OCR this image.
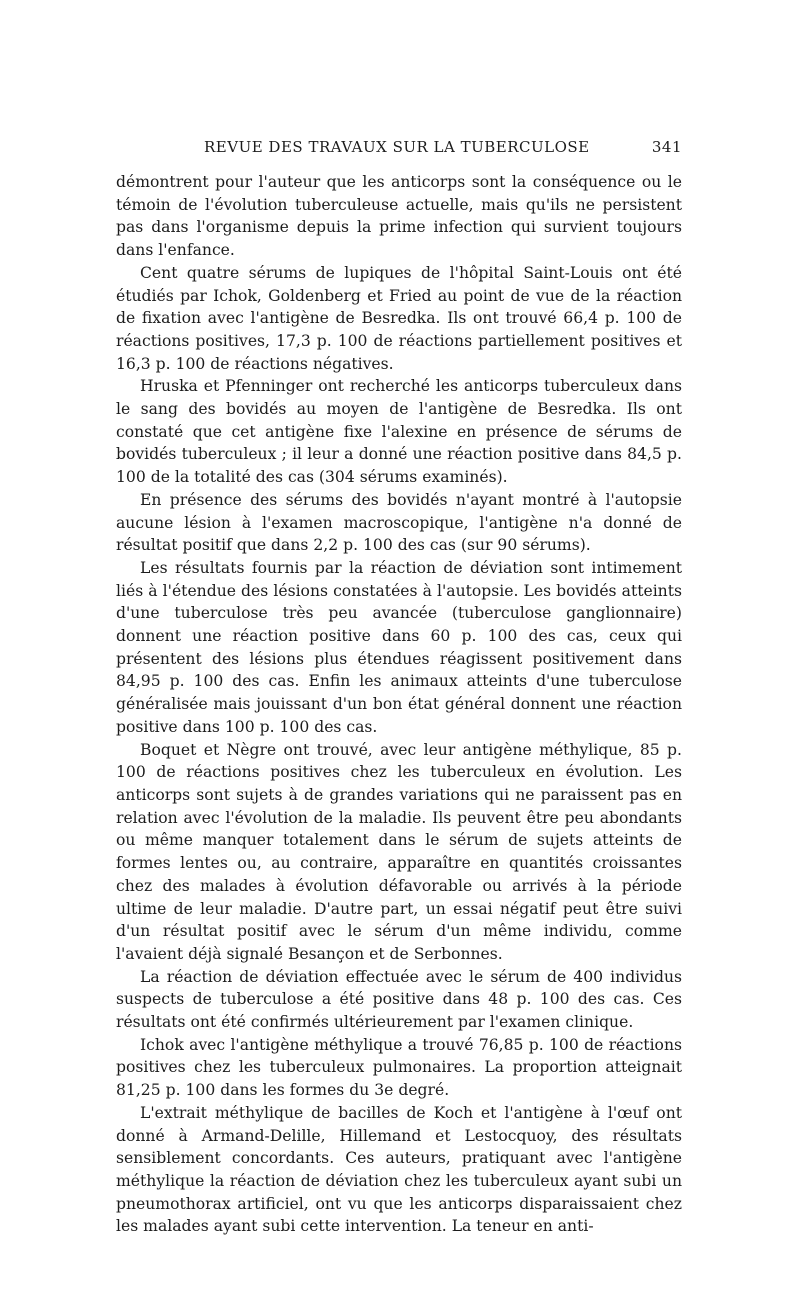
REVUE DES TRAVAUX SUR LA TUBERCULOSE	341

démontrent pour l'auteur que les anticorps sont la conséquence ou le témoin de l'évolution tuberculeuse actuelle, mais qu'ils ne persistent pas dans l'organisme depuis la prime infection qui survient toujours dans l'enfance.

Cent quatre sérums de lupiques de l'hôpital Saint-Louis ont été étudiés par Ichok, Goldenberg et Fried au point de vue de la réaction de fixation avec l'antigène de Besredka. Ils ont trouvé 66,4 p. 100 de réactions positives, 17,3 p. 100 de réactions partiellement positives et 16,3 p. 100 de réactions négatives.

Hruska et Pfenninger ont recherché les anticorps tuberculeux dans le sang des bovidés au moyen de l'antigène de Besredka. Ils ont constaté que cet antigène fixe l'alexine en présence de sérums de bovidés tuberculeux ; il leur a donné une réaction positive dans 84,5 p. 100 de la totalité des cas (304 sérums examinés).

En présence des sérums des bovidés n'ayant montré à l'autopsie aucune lésion à l'examen macroscopique, l'antigène n'a donné de résultat positif que dans 2,2 p. 100 des cas (sur 90 sérums).

Les résultats fournis par la réaction de déviation sont intimement liés à l'étendue des lésions constatées à l'autopsie. Les bovidés atteints d'une tuberculose très peu avancée (tuberculose ganglionnaire) donnent une réaction positive dans 60 p. 100 des cas, ceux qui présentent des lésions plus étendues réagissent positivement dans 84,95 p. 100 des cas. Enfin les animaux atteints d'une tuberculose généralisée mais jouissant d'un bon état général donnent une réaction positive dans 100 p. 100 des cas.

Boquet et Nègre ont trouvé, avec leur antigène méthylique, 85 p. 100 de réactions positives chez les tuberculeux en évolution. Les anticorps sont sujets à de grandes variations qui ne paraissent pas en relation avec l'évolution de la maladie. Ils peuvent être peu abondants ou même manquer totalement dans le sérum de sujets atteints de formes lentes ou, au contraire, apparaître en quantités croissantes chez des malades à évolution défavorable ou arrivés à la période ultime de leur maladie. D'autre part, un essai négatif peut être suivi d'un résultat positif avec le sérum d'un même individu, comme l'avaient déjà signalé Besançon et de Serbonnes.

La réaction de déviation effectuée avec le sérum de 400 individus suspects de tuberculose a été positive dans 48 p. 100 des cas. Ces résultats ont été confirmés ultérieurement par l'examen clinique.

Ichok avec l'antigène méthylique a trouvé 76,85 p. 100 de réactions positives chez les tuberculeux pulmonaires. La proportion atteignait 81,25 p. 100 dans les formes du 3e degré.

L'extrait méthylique de bacilles de Koch et l'antigène à l'œuf ont donné à Armand-Delille, Hillemand et Lestocquoy, des résultats sensiblement concordants. Ces auteurs, pratiquant avec l'antigène méthylique la réaction de déviation chez les tuberculeux ayant subi un pneumothorax artificiel, ont vu que les anticorps disparaissaient chez les malades ayant subi cette intervention. La teneur en anti-
